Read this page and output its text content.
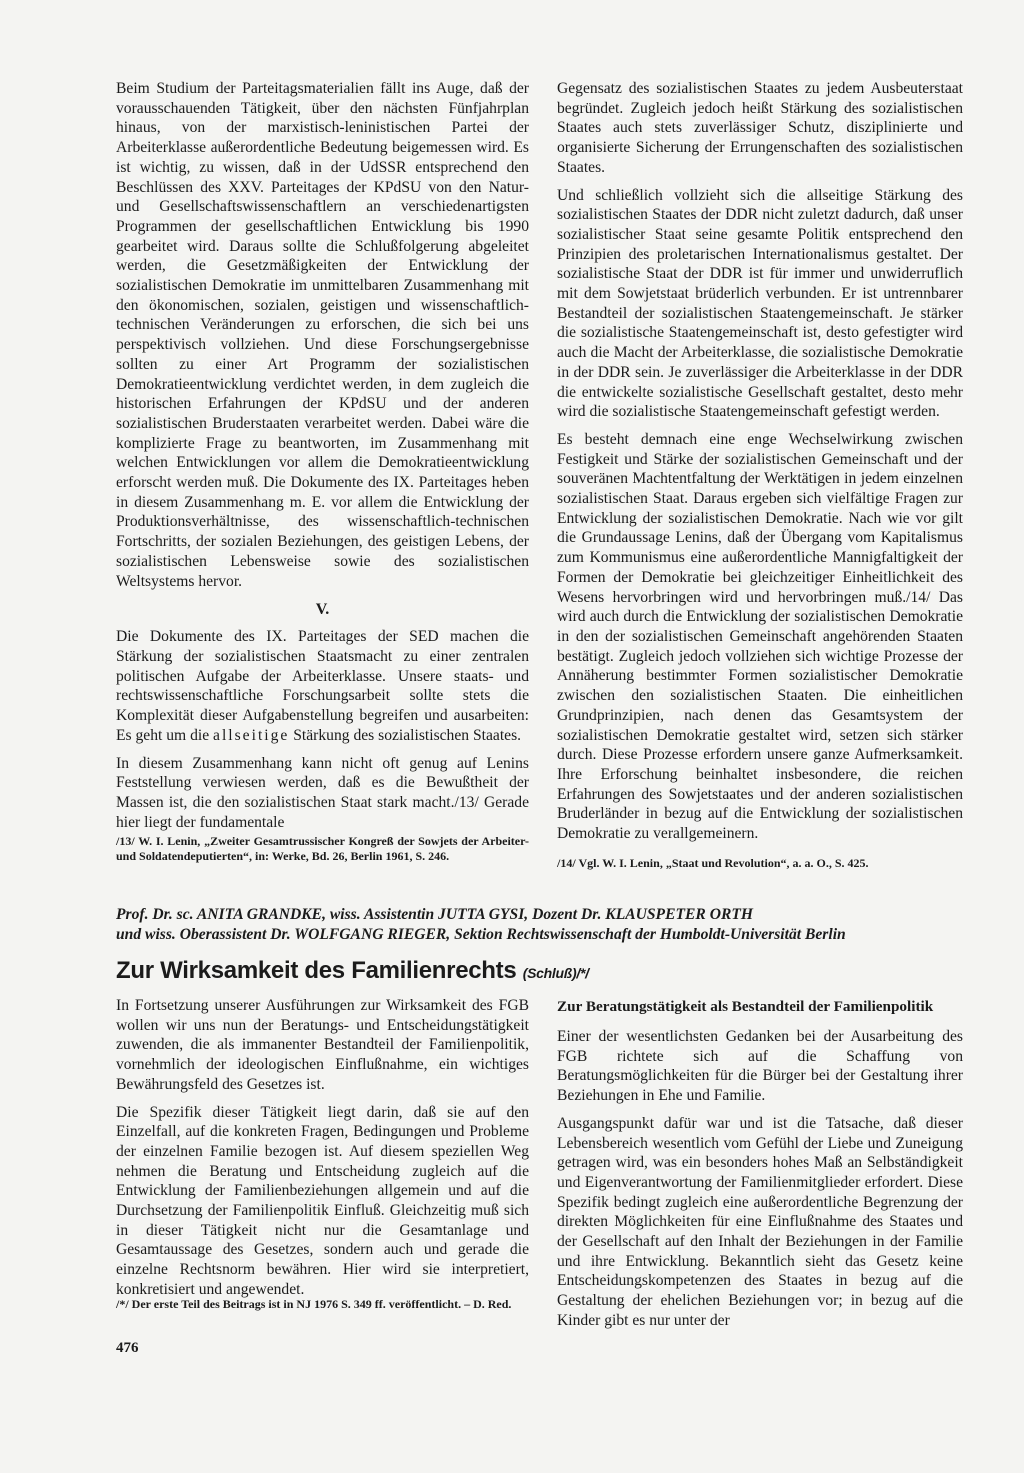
Beim Studium der Parteitagsmaterialien fällt ins Auge, daß der vorausschauenden Tätigkeit, über den nächsten Fünfjahrplan hinaus, von der marxistisch-leninistischen Partei der Arbeiterklasse außerordentliche Bedeutung beigemessen wird. Es ist wichtig, zu wissen, daß in der UdSSR entsprechend den Beschlüssen des XXV. Parteitages der KPdSU von den Natur- und Gesellschaftswissenschaftlern an verschiedenartigsten Programmen der gesellschaftlichen Entwicklung bis 1990 gearbeitet wird. Daraus sollte die Schlußfolgerung abgeleitet werden, die Gesetzmäßigkeiten der Entwicklung der sozialistischen Demokratie im unmittelbaren Zusammenhang mit den ökonomischen, sozialen, geistigen und wissenschaftlich-technischen Veränderungen zu erforschen, die sich bei uns perspektivisch vollziehen. Und diese Forschungsergebnisse sollten zu einer Art Programm der sozialistischen Demokratieentwicklung verdichtet werden, in dem zugleich die historischen Erfahrungen der KPdSU und der anderen sozialistischen Bruderstaaten verarbeitet werden. Dabei wäre die komplizierte Frage zu beantworten, im Zusammenhang mit welchen Entwicklungen vor allem die Demokratieentwicklung erforscht werden muß. Die Dokumente des IX. Parteitages heben in diesem Zusammenhang m. E. vor allem die Entwicklung der Produktionsverhältnisse, des wissenschaftlich-technischen Fortschritts, der sozialen Beziehungen, des geistigen Lebens, der sozialistischen Lebensweise sowie des sozialistischen Weltsystems hervor.

V.

Die Dokumente des IX. Parteitages der SED machen die Stärkung der sozialistischen Staatsmacht zu einer zentralen politischen Aufgabe der Arbeiterklasse. Unsere staats- und rechtswissenschaftliche Forschungsarbeit sollte stets die Komplexität dieser Aufgabenstellung begreifen und ausarbeiten: Es geht um die allseitige Stärkung des sozialistischen Staates.

In diesem Zusammenhang kann nicht oft genug auf Lenins Feststellung verwiesen werden, daß es die Bewußtheit der Massen ist, die den sozialistischen Staat stark macht./13/ Gerade hier liegt der fundamentale

/13/ W. I. Lenin, „Zweiter Gesamtrussischer Kongreß der Sowjets der Arbeiter- und Soldatendeputierten“, in: Werke, Bd. 26, Berlin 1961, S. 246.

Gegensatz des sozialistischen Staates zu jedem Ausbeuterstaat begründet. Zugleich jedoch heißt Stärkung des sozialistischen Staates auch stets zuverlässiger Schutz, disziplinierte und organisierte Sicherung der Errungenschaften des sozialistischen Staates.

Und schließlich vollzieht sich die allseitige Stärkung des sozialistischen Staates der DDR nicht zuletzt dadurch, daß unser sozialistischer Staat seine gesamte Politik entsprechend den Prinzipien des proletarischen Internationalismus gestaltet. Der sozialistische Staat der DDR ist für immer und unwiderruflich mit dem Sowjetstaat brüderlich verbunden. Er ist untrennbarer Bestandteil der sozialistischen Staatengemeinschaft. Je stärker die sozialistische Staatengemeinschaft ist, desto gefestigter wird auch die Macht der Arbeiterklasse, die sozialistische Demokratie in der DDR sein. Je zuverlässiger die Arbeiterklasse in der DDR die entwickelte sozialistische Gesellschaft gestaltet, desto mehr wird die sozialistische Staatengemeinschaft gefestigt werden.

Es besteht demnach eine enge Wechselwirkung zwischen Festigkeit und Stärke der sozialistischen Gemeinschaft und der souveränen Machtentfaltung der Werktätigen in jedem einzelnen sozialistischen Staat. Daraus ergeben sich vielfältige Fragen zur Entwicklung der sozialistischen Demokratie. Nach wie vor gilt die Grundaussage Lenins, daß der Übergang vom Kapitalismus zum Kommunismus eine außerordentliche Mannigfaltigkeit der Formen der Demokratie bei gleichzeitiger Einheitlichkeit des Wesens hervorbringen wird und hervorbringen muß./14/ Das wird auch durch die Entwicklung der sozialistischen Demokratie in den der sozialistischen Gemeinschaft angehörenden Staaten bestätigt. Zugleich jedoch vollziehen sich wichtige Prozesse der Annäherung bestimmter Formen sozialistischer Demokratie zwischen den sozialistischen Staaten. Die einheitlichen Grundprinzipien, nach denen das Gesamtsystem der sozialistischen Demokratie gestaltet wird, setzen sich stärker durch. Diese Prozesse erfordern unsere ganze Aufmerksamkeit. Ihre Erforschung beinhaltet insbesondere, die reichen Erfahrungen des Sowjetstaates und der anderen sozialistischen Bruderländer in bezug auf die Entwicklung der sozialistischen Demokratie zu verallgemeinern.

/14/ Vgl. W. I. Lenin, „Staat und Revolution“, a. a. O., S. 425.

Prof. Dr. sc. ANITA GRANDKE, wiss. Assistentin JUTTA GYSI, Dozent Dr. KLAUSPETER ORTH
und wiss. Oberassistent Dr. WOLFGANG RIEGER, Sektion Rechtswissenschaft der Humboldt-Universität Berlin
Zur Wirksamkeit des Familienrechts (Schluß)/*/

In Fortsetzung unserer Ausführungen zur Wirksamkeit des FGB wollen wir uns nun der Beratungs- und Entscheidungstätigkeit zuwenden, die als immanenter Bestandteil der Familienpolitik, vornehmlich der ideologischen Einflußnahme, ein wichtiges Bewährungsfeld des Gesetzes ist.

Die Spezifik dieser Tätigkeit liegt darin, daß sie auf den Einzelfall, auf die konkreten Fragen, Bedingungen und Probleme der einzelnen Familie bezogen ist. Auf diesem speziellen Weg nehmen die Beratung und Entscheidung zugleich auf die Entwicklung der Familienbeziehungen allgemein und auf die Durchsetzung der Familienpolitik Einfluß. Gleichzeitig muß sich in dieser Tätigkeit nicht nur die Gesamtanlage und Gesamtaussage des Gesetzes, sondern auch und gerade die einzelne Rechtsnorm bewähren. Hier wird sie interpretiert, konkretisiert und angewendet.

/*/ Der erste Teil des Beitrags ist in NJ 1976 S. 349 ff. veröffentlicht. – D. Red.

Zur Beratungstätigkeit als Bestandteil der Familienpolitik

Einer der wesentlichsten Gedanken bei der Ausarbeitung des FGB richtete sich auf die Schaffung von Beratungsmöglichkeiten für die Bürger bei der Gestaltung ihrer Beziehungen in Ehe und Familie.

Ausgangspunkt dafür war und ist die Tatsache, daß dieser Lebensbereich wesentlich vom Gefühl der Liebe und Zuneigung getragen wird, was ein besonders hohes Maß an Selbständigkeit und Eigenverantwortung der Familienmitglieder erfordert. Diese Spezifik bedingt zugleich eine außerordentliche Begrenzung der direkten Möglichkeiten für eine Einflußnahme des Staates und der Gesellschaft auf den Inhalt der Beziehungen in der Familie und ihre Entwicklung. Bekanntlich sieht das Gesetz keine Entscheidungskompetenzen des Staates in bezug auf die Gestaltung der ehelichen Beziehungen vor; in bezug auf die Kinder gibt es nur unter der

476
